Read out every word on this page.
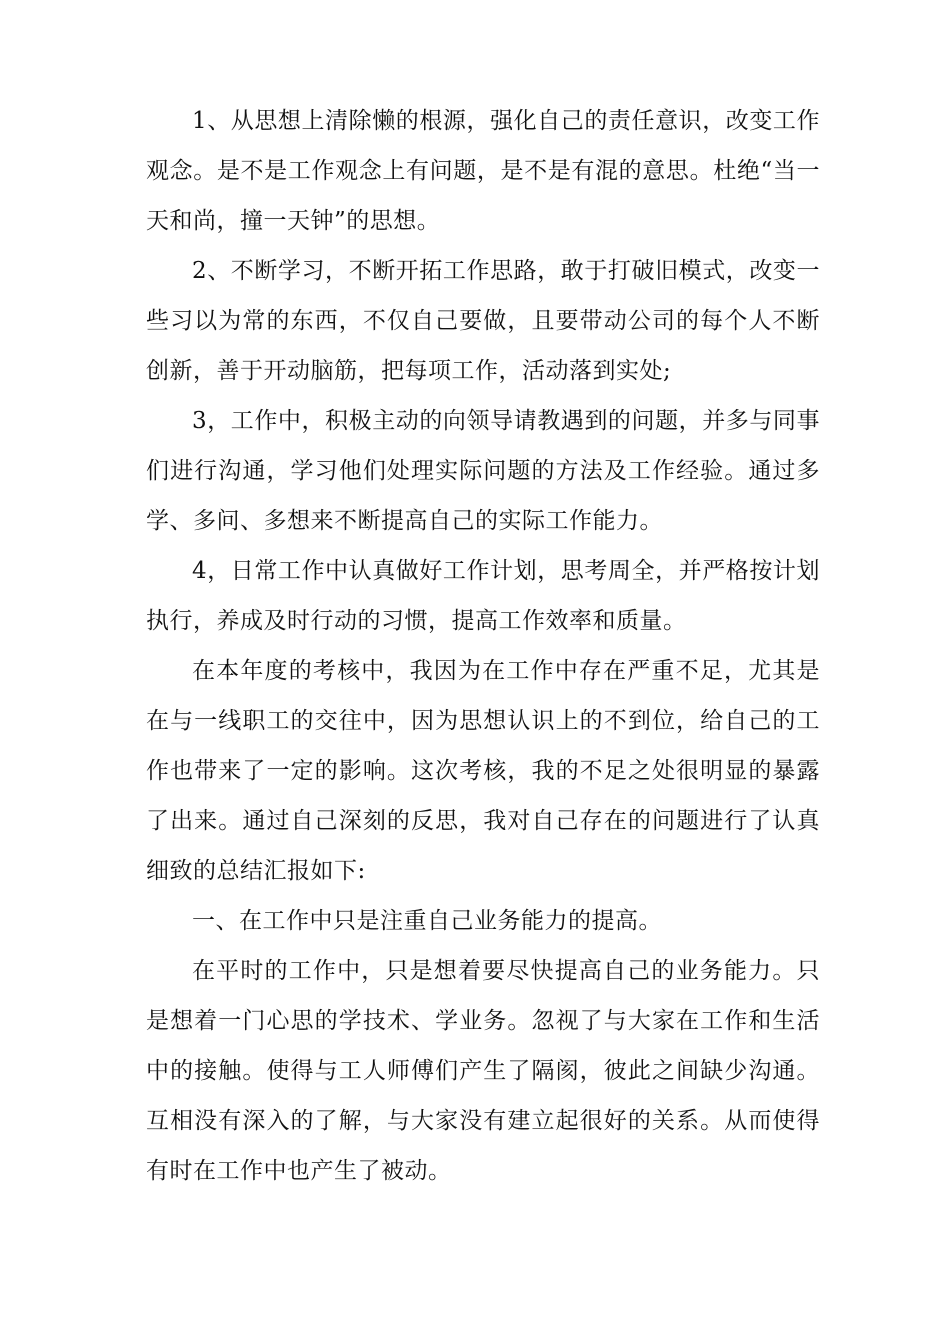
1、从思想上清除懒的根源，强化自己的责任意识，改变工作观念。是不是工作观念上有问题，是不是有混的意思。杜绝“当一天和尚，撞一天钟”的思想。

2、不断学习，不断开拓工作思路，敢于打破旧模式，改变一些习以为常的东西，不仅自己要做，且要带动公司的每个人不断创新，善于开动脑筋，把每项工作，活动落到实处;

3，工作中，积极主动的向领导请教遇到的问题，并多与同事们进行沟通，学习他们处理实际问题的方法及工作经验。通过多学、多问、多想来不断提高自己的实际工作能力。

4，日常工作中认真做好工作计划，思考周全，并严格按计划执行，养成及时行动的习惯，提高工作效率和质量。

在本年度的考核中，我因为在工作中存在严重不足，尤其是在与一线职工的交往中，因为思想认识上的不到位，给自己的工作也带来了一定的影响。这次考核，我的不足之处很明显的暴露了出来。通过自己深刻的反思，我对自己存在的问题进行了认真细致的总结汇报如下:

一、在工作中只是注重自己业务能力的提高。

在平时的工作中，只是想着要尽快提高自己的业务能力。只是想着一门心思的学技术、学业务。忽视了与大家在工作和生活中的接触。使得与工人师傅们产生了隔阂，彼此之间缺少沟通。互相没有深入的了解，与大家没有建立起很好的关系。从而使得有时在工作中也产生了被动。
